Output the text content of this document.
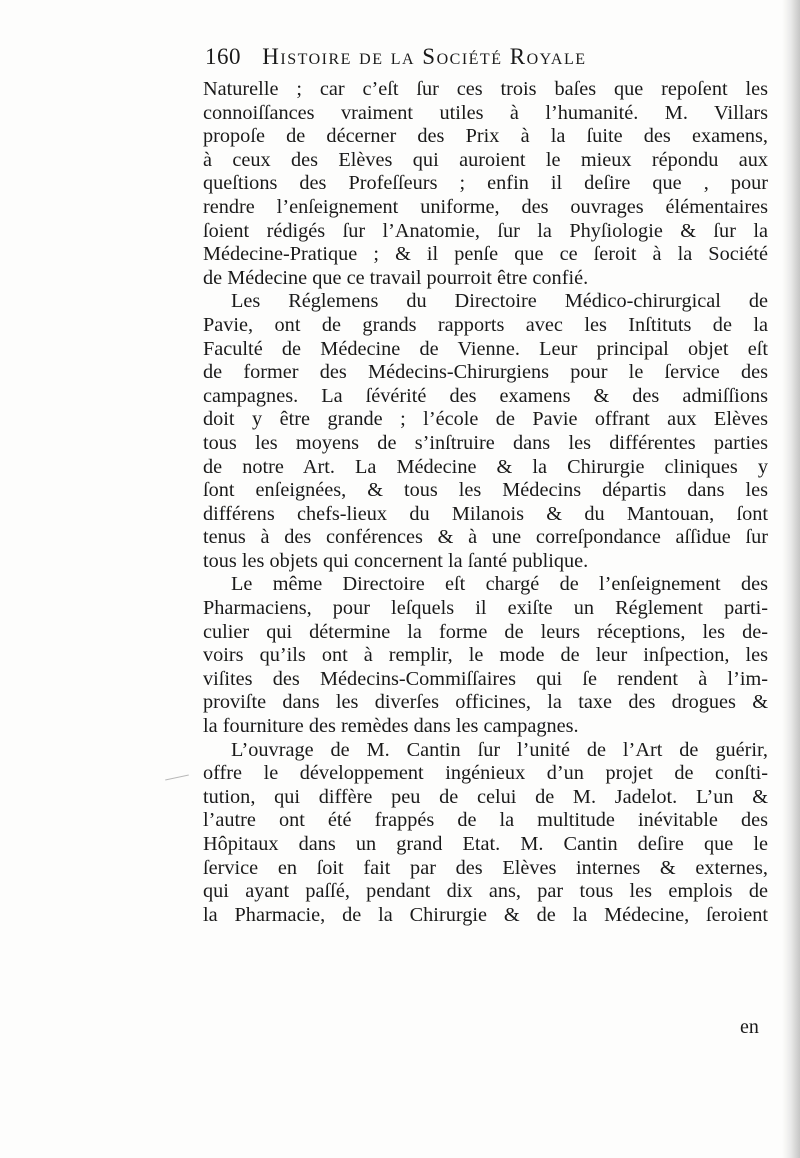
160 Histoire de la Société Royale
Naturelle ; car c’eſt ſur ces trois baſes que repoſent les
connoiſſances vraiment utiles à l’humanité. M. Villars
propoſe de décerner des Prix à la ſuite des examens,
à ceux des Elèves qui auroient le mieux répondu aux
queſtions des Profeſſeurs ; enfin il deſire que , pour
rendre l’enſeignement uniforme, des ouvrages élémentaires
ſoient rédigés ſur l’Anatomie, ſur la Phyſiologie & ſur la
Médecine-Pratique ; & il penſe que ce ſeroit à la Société
de Médecine que ce travail pourroit être confié.
Les Réglemens du Directoire Médico-chirurgical de
Pavie, ont de grands rapports avec les Inſtituts de la
Faculté de Médecine de Vienne. Leur principal objet eſt
de former des Médecins-Chirurgiens pour le ſervice des
campagnes. La ſévérité des examens & des admiſſions
doit y être grande ; l’école de Pavie offrant aux Elèves
tous les moyens de s’inſtruire dans les différentes parties
de notre Art. La Médecine & la Chirurgie cliniques y
ſont enſeignées, & tous les Médecins départis dans les
différens chefs-lieux du Milanois & du Mantouan, ſont
tenus à des conférences & à une correſpondance aſſidue ſur
tous les objets qui concernent la ſanté publique.
Le même Directoire eſt chargé de l’enſeignement des
Pharmaciens, pour leſquels il exiſte un Réglement parti-
culier qui détermine la forme de leurs réceptions, les de-
voirs qu’ils ont à remplir, le mode de leur inſpection, les
viſites des Médecins-Commiſſaires qui ſe rendent à l’im-
proviſte dans les diverſes officines, la taxe des drogues &
la fourniture des remèdes dans les campagnes.
L’ouvrage de M. Cantin ſur l’unité de l’Art de guérir,
offre le développement ingénieux d’un projet de conſti-
tution, qui diffère peu de celui de M. Jadelot. L’un &
l’autre ont été frappés de la multitude inévitable des
Hôpitaux dans un grand Etat. M. Cantin deſire que le
ſervice en ſoit fait par des Elèves internes & externes,
qui ayant paſſé, pendant dix ans, par tous les emplois de
la Pharmacie, de la Chirurgie & de la Médecine, ſeroient
en
